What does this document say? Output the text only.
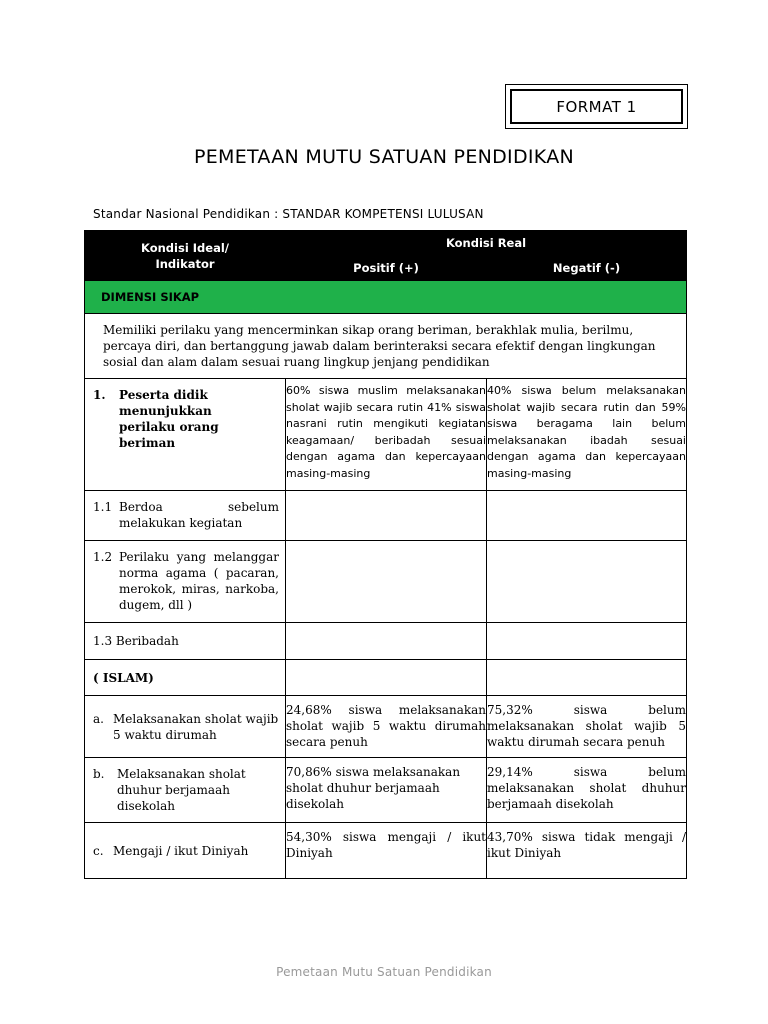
FORMAT 1
PEMETAAN MUTU SATUAN PENDIDIKAN
Standar Nasional Pendidikan : STANDAR KOMPETENSI LULUSAN
Kondisi Ideal/ Indikator	Kondisi Real	
	Positif (+)	Negatif (-)
DIMENSI SIKAP		
Memiliki perilaku yang mencerminkan sikap orang beriman, berakhlak mulia, berilmu, percaya diri, dan bertanggung jawab dalam berinteraksi secara efektif dengan lingkungan sosial dan alam dalam sesuai ruang lingkup jenjang pendidikan		

1. Peserta didik menunjukkan perilaku orang beriman	60% siswa muslim melaksanakan sholat wajib secara rutin 41% siswa nasrani rutin mengikuti kegiatan keagamaan/ beribadah sesuai dengan agama dan kepercayaan masing-masing	40% siswa belum melaksanakan sholat wajib secara rutin dan 59% siswa beragama lain belum melaksanakan ibadah sesuai dengan agama dan kepercayaan masing-masing

1.1 Berdoa sebelum melakukan kegiatan		

1.2 Perilaku yang melanggar norma agama ( pacaran, merokok, miras, narkoba, dugem, dll )		

1.3 Beribadah		
( ISLAM)		

a. Melaksanakan sholat wajib 5 waktu dirumah	24,68% siswa melaksanakan sholat wajib 5 waktu dirumah secara penuh	75,32% siswa belum melaksanakan sholat wajib 5 waktu dirumah secara penuh

b. Melaksanakan sholat dhuhur berjamaah disekolah	70,86% siswa melaksanakan sholat dhuhur berjamaah disekolah	29,14% siswa belum melaksanakan sholat dhuhur berjamaah disekolah

c. Mengaji / ikut Diniyah	54,30% siswa mengaji / ikut Diniyah	43,70% siswa tidak mengaji / ikut Diniyah
Pemetaan Mutu Satuan Pendidikan
